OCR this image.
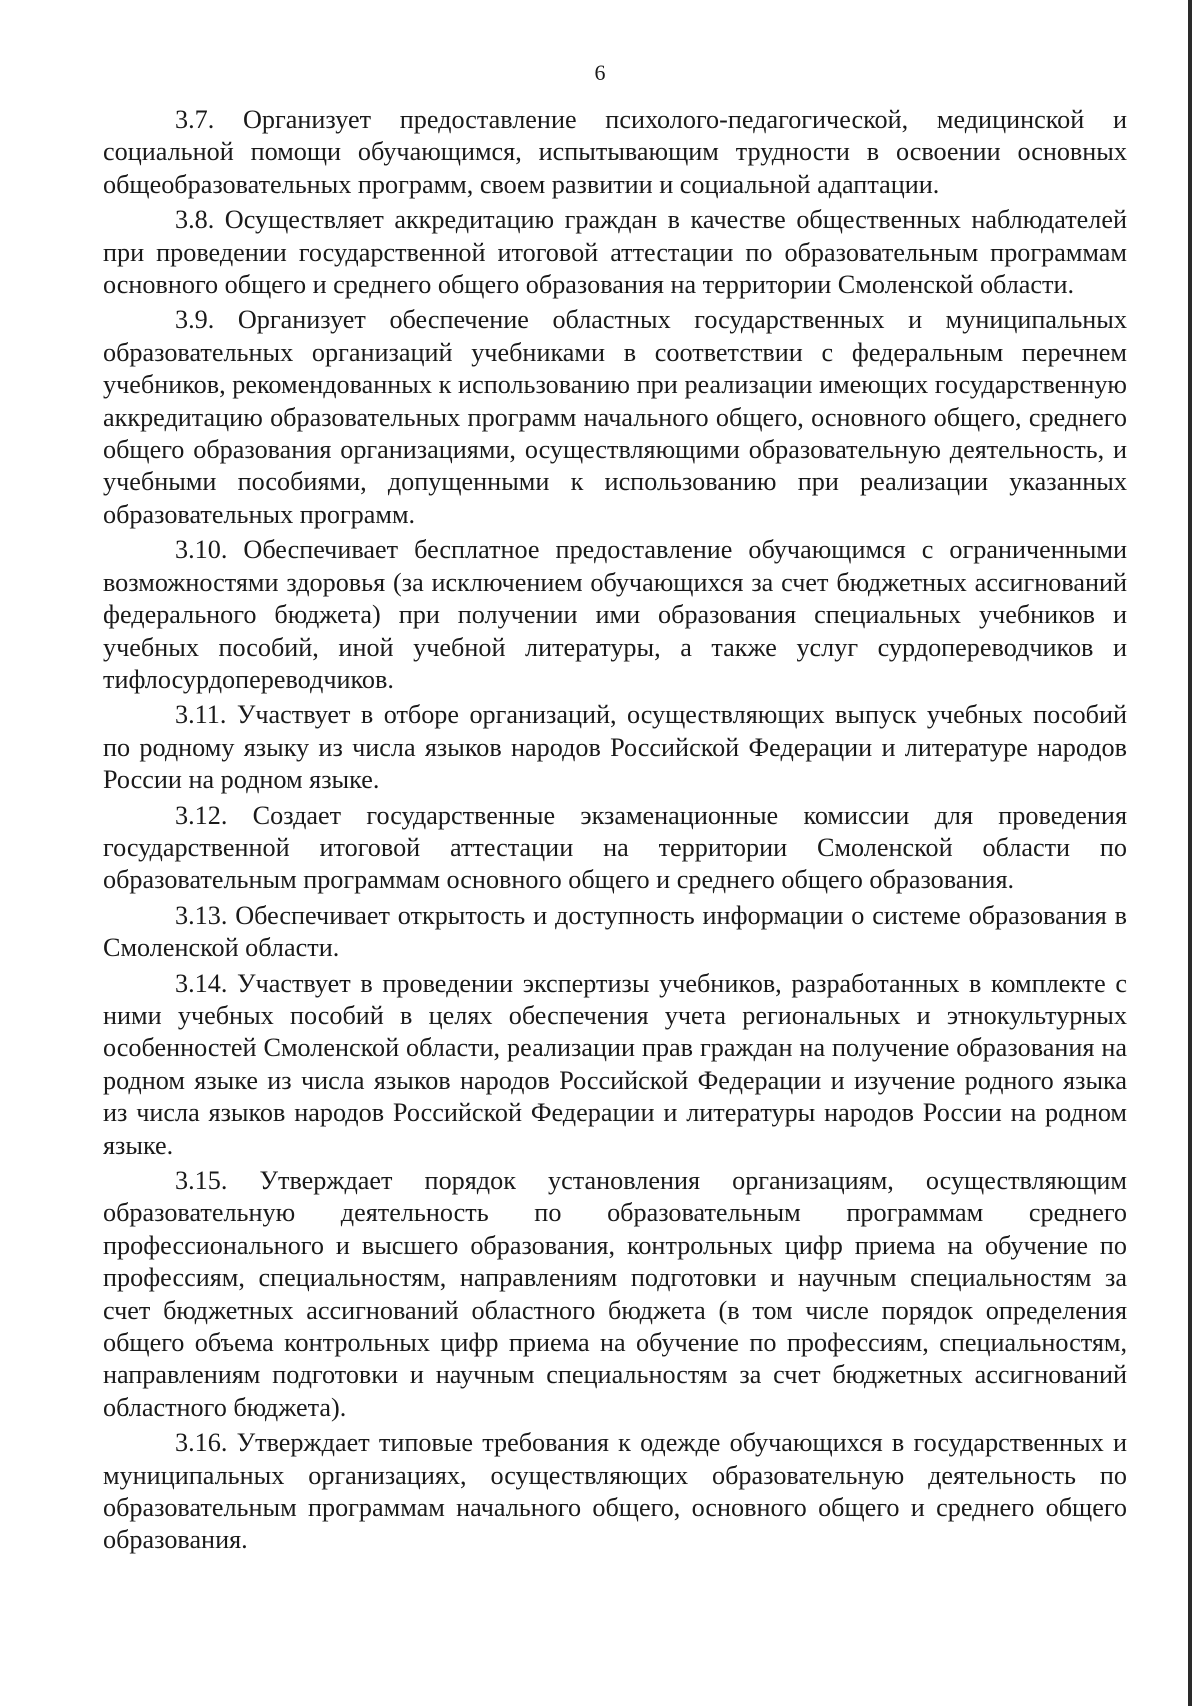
6

3.7. Организует предоставление психолого-педагогической, медицинской и социальной помощи обучающимся, испытывающим трудности в освоении основных общеобразовательных программ, своем развитии и социальной адаптации.

3.8. Осуществляет аккредитацию граждан в качестве общественных наблюдателей при проведении государственной итоговой аттестации по образовательным программам основного общего и среднего общего образования на территории Смоленской области.

3.9. Организует обеспечение областных государственных и муниципальных образовательных организаций учебниками в соответствии с федеральным перечнем учебников, рекомендованных к использованию при реализации имеющих государственную аккредитацию образовательных программ начального общего, основного общего, среднего общего образования организациями, осуществляющими образовательную деятельность, и учебными пособиями, допущенными к использованию при реализации указанных образовательных программ.

3.10. Обеспечивает бесплатное предоставление обучающимся с ограниченными возможностями здоровья (за исключением обучающихся за счет бюджетных ассигнований федерального бюджета) при получении ими образования специальных учебников и учебных пособий, иной учебной литературы, а также услуг сурдопереводчиков и тифлосурдопереводчиков.

3.11. Участвует в отборе организаций, осуществляющих выпуск учебных пособий по родному языку из числа языков народов Российской Федерации и литературе народов России на родном языке.

3.12. Создает государственные экзаменационные комиссии для проведения государственной итоговой аттестации на территории Смоленской области по образовательным программам основного общего и среднего общего образования.

3.13. Обеспечивает открытость и доступность информации о системе образования в Смоленской области.

3.14. Участвует в проведении экспертизы учебников, разработанных в комплекте с ними учебных пособий в целях обеспечения учета региональных и этнокультурных особенностей Смоленской области, реализации прав граждан на получение образования на родном языке из числа языков народов Российской Федерации и изучение родного языка из числа языков народов Российской Федерации и литературы народов России на родном языке.

3.15. Утверждает порядок установления организациям, осуществляющим образовательную деятельность по образовательным программам среднего профессионального и высшего образования, контрольных цифр приема на обучение по профессиям, специальностям, направлениям подготовки и научным специальностям за счет бюджетных ассигнований областного бюджета (в том числе порядок определения общего объема контрольных цифр приема на обучение по профессиям, специальностям, направлениям подготовки и научным специальностям за счет бюджетных ассигнований областного бюджета).

3.16. Утверждает типовые требования к одежде обучающихся в государственных и муниципальных организациях, осуществляющих образовательную деятельность по образовательным программам начального общего, основного общего и среднего общего образования.
